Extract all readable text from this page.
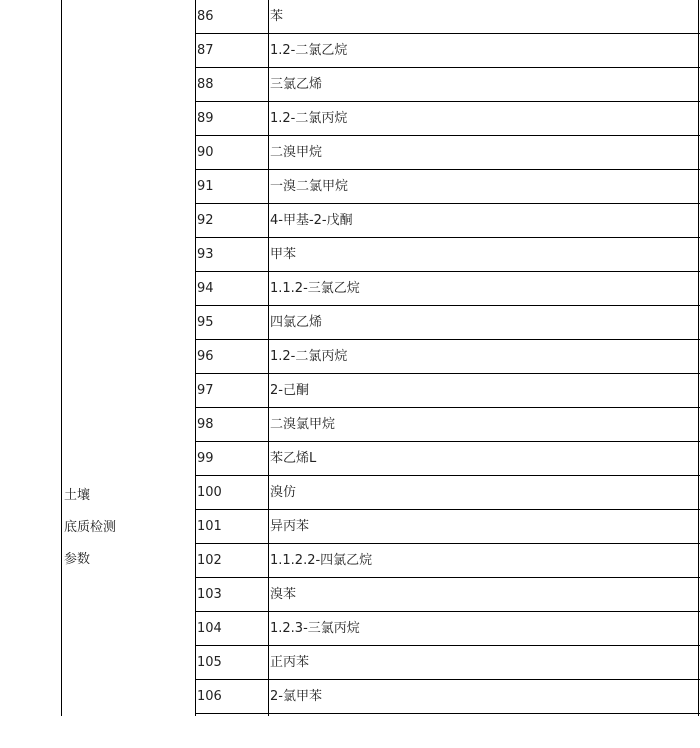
土壤
底质检测
参数
86	苯
87	1.2-二氯乙烷
88	三氯乙烯
89	1.2-二氯丙烷
90	二溴甲烷
91	一溴二氯甲烷
92	4-甲基-2-戊酮
93	甲苯
94	1.1.2-三氯乙烷
95	四氯乙烯
96	1.2-二氯丙烷
97	2-己酮
98	二溴氯甲烷
99	苯乙烯L
100	溴仿
101	异丙苯
102	1.1.2.2-四氯乙烷
103	溴苯
104	1.2.3-三氯丙烷
105	正丙苯
106	2-氯甲苯
